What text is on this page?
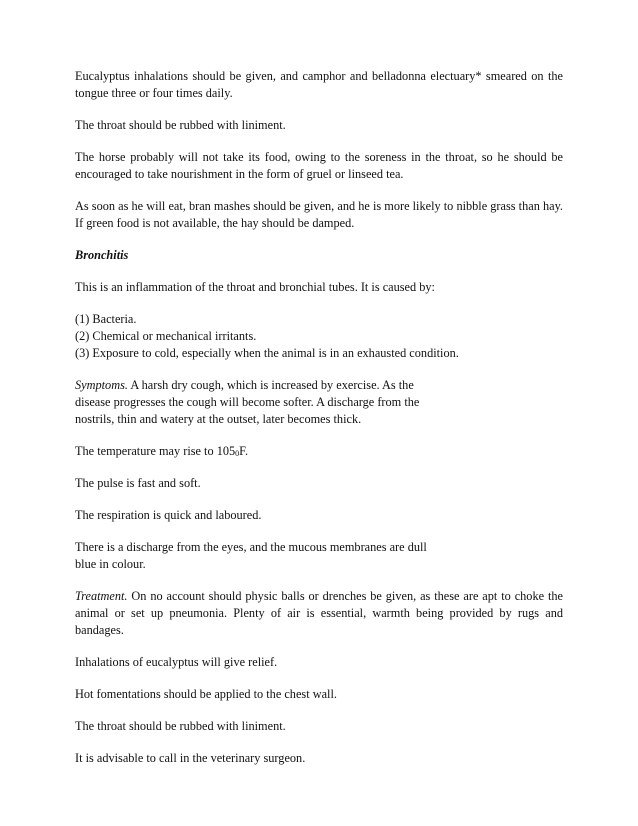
Eucalyptus inhalations should be given, and camphor and belladonna electuary* smeared on the tongue three or four times daily.

The throat should be rubbed with liniment.

The horse probably will not take its food, owing to the soreness in the throat, so he should be encouraged to take nourishment in the form of gruel or linseed tea.

As soon as he will eat, bran mashes should be given, and he is more likely to nibble grass than hay. If green food is not available, the hay should be damped.

Bronchitis

This is an inflammation of the throat and bronchial tubes. It is caused by:

(1) Bacteria.
(2) Chemical or mechanical irritants.
(3) Exposure to cold, especially when the animal is in an exhausted condition.

Symptoms. A harsh dry cough, which is increased by exercise. As the
disease progresses the cough will become softer. A discharge from the
nostrils, thin and watery at the outset, later becomes thick.

The temperature may rise to $105_0F$.

The pulse is fast and soft.

The respiration is quick and laboured.

There is a discharge from the eyes, and the mucous membranes are dull
blue in colour.

Treatment. On no account should physic balls or drenches be given, as these are apt to choke the animal or set up pneumonia. Plenty of air is essential, warmth being provided by rugs and bandages.

Inhalations of eucalyptus will give relief.

Hot fomentations should be applied to the chest wall.

The throat should be rubbed with liniment.

It is advisable to call in the veterinary surgeon.
